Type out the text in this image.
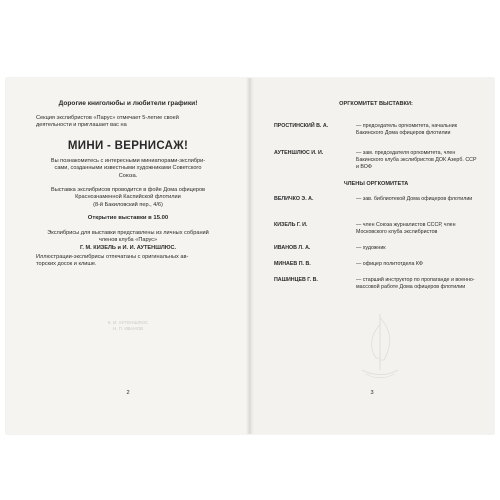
Дорогие книголюбы и любители графики!

Секция экслибристов «Парус» отмечает 5-летие своей

деятельности и приглашает вас на

МИНИ - ВЕРНИСАЖ!

Вы познакомитесь с интересными миниатюрами-экслибри-

сами, созданными известными художниками Советского

Союза.

Выставка экслибрисов проводится в фойе Дома офицеров

Краснознаменной Каспийской флотилии

(8-й Бакиловский пер., 4/6)

Открытие выставки в 15.00

Экслибрисы для выставки представлены из личных собраний

членов клуба «Парус»

Г. М. КИЗЕЛЬ и И. И. АУТЕНШЛЮС.

Иллюстрации-экслибрисы отпечатаны с оригинальных ав-

торских досок и клише.

К. И. АУТЕНШЛЮС
Н. П. ИВАНОВ
2
ОРГКОМИТЕТ ВЫСТАВКИ:
ПРОСТИНСКИЙ В. А.	— председатель оргкомитета, начальник Бакинского Дома офицеров флотилии
АУТЕНШЛЮС И. И.	— зам. председателя оргкомитета, член Бакинского клуба экслибристов ДОК Азерб. ССР и ВОФ
ЧЛЕНЫ ОРГКОМИТЕТА
ВЕЛИЧКО Э. А.	— зав. библиотекой Дома офицеров флотилии
КИЗЕЛЬ Г. И.	— член Союза журналистов СССР, член Московского клуба экслибристов
ИВАНОВ Л. А.	— художник
МИНАЕВ П. В.	— офицер политотдела КФ
ПАШИНЦЕВ Г. В.	— старший инструктор по пропаганде и военно-массовой работе Дома офицеров флотилии
3
